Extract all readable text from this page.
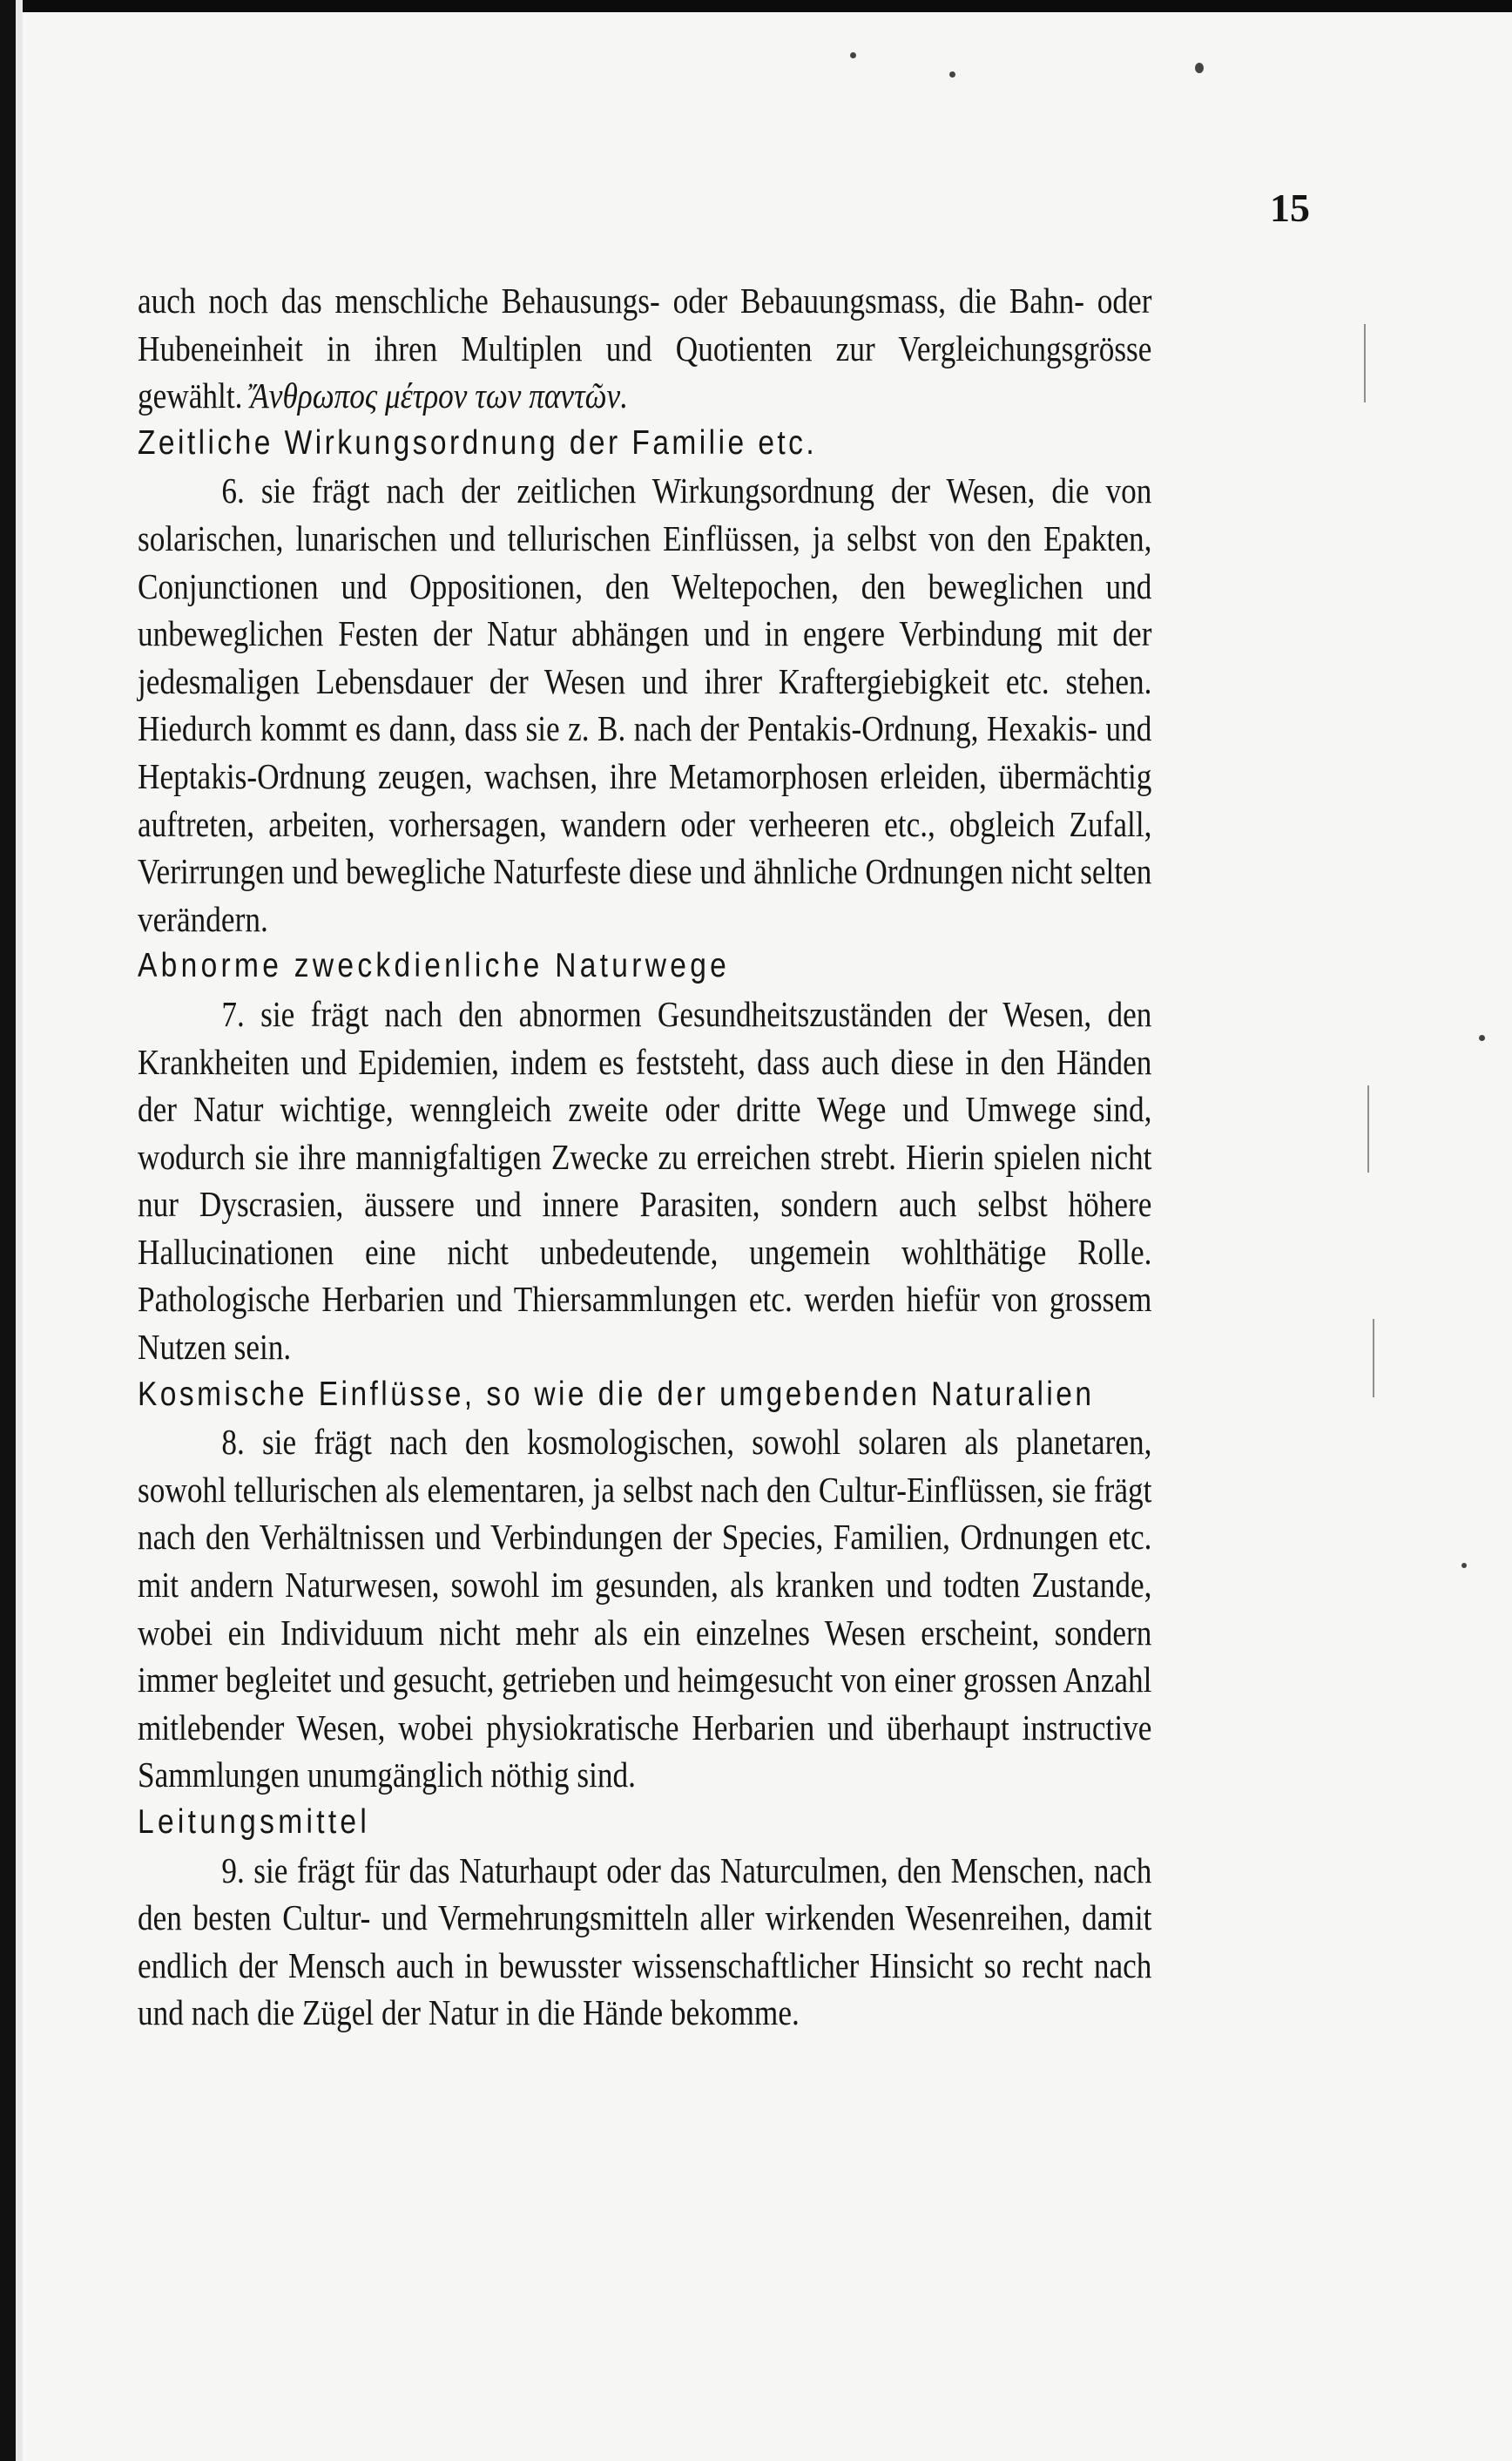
15

auch noch das menschliche Behausungs- oder Bebauungsmass, die Bahn- oder Hubeneinheit in ihren Multiplen und Quotienten zur Vergleichungsgrösse gewählt. Ἄνθρωπος μέτρον των παντῶν.

Zeitliche Wirkungsordnung der Familie etc.

6. sie frägt nach der zeitlichen Wirkungsordnung der Wesen, die von solarischen, lunarischen und tellurischen Einflüssen, ja selbst von den Epakten, Conjunctionen und Oppositionen, den Weltepochen, den beweglichen und unbeweglichen Festen der Natur abhängen und in engere Verbindung mit der jedesmaligen Lebensdauer der Wesen und ihrer Kraftergiebigkeit etc. stehen. Hiedurch kommt es dann, dass sie z. B. nach der Pentakis-Ordnung, Hexakis- und Heptakis-Ordnung zeugen, wachsen, ihre Metamorphosen erleiden, übermächtig auftreten, arbeiten, vorhersagen, wandern oder verheeren etc., obgleich Zufall, Verirrungen und bewegliche Naturfeste diese und ähnliche Ordnungen nicht selten verändern.

Abnorme zweckdienliche Naturwege

7. sie frägt nach den abnormen Gesundheitszuständen der Wesen, den Krankheiten und Epidemien, indem es feststeht, dass auch diese in den Händen der Natur wichtige, wenngleich zweite oder dritte Wege und Umwege sind, wodurch sie ihre mannigfaltigen Zwecke zu erreichen strebt. Hierin spielen nicht nur Dyscrasien, äussere und innere Parasiten, sondern auch selbst höhere Hallucinationen eine nicht unbedeutende, ungemein wohlthätige Rolle. Pathologische Herbarien und Thiersammlungen etc. werden hiefür von grossem Nutzen sein.

Kosmische Einflüsse, so wie die der umgebenden Naturalien

8. sie frägt nach den kosmologischen, sowohl solaren als planetaren, sowohl tellurischen als elementaren, ja selbst nach den Cultur-Einflüssen, sie frägt nach den Verhältnissen und Verbindungen der Species, Familien, Ordnungen etc. mit andern Naturwesen, sowohl im gesunden, als kranken und todten Zustande, wobei ein Individuum nicht mehr als ein einzelnes Wesen erscheint, sondern immer begleitet und gesucht, getrieben und heimgesucht von einer grossen Anzahl mitlebender Wesen, wobei physiokratische Herbarien und überhaupt instructive Sammlungen unumgänglich nöthig sind.

Leitungsmittel

9. sie frägt für das Naturhaupt oder das Naturculmen, den Menschen, nach den besten Cultur- und Vermehrungsmitteln aller wirkenden Wesenreihen, damit endlich der Mensch auch in bewusster wissenschaftlicher Hinsicht so recht nach und nach die Zügel der Natur in die Hände bekomme.
